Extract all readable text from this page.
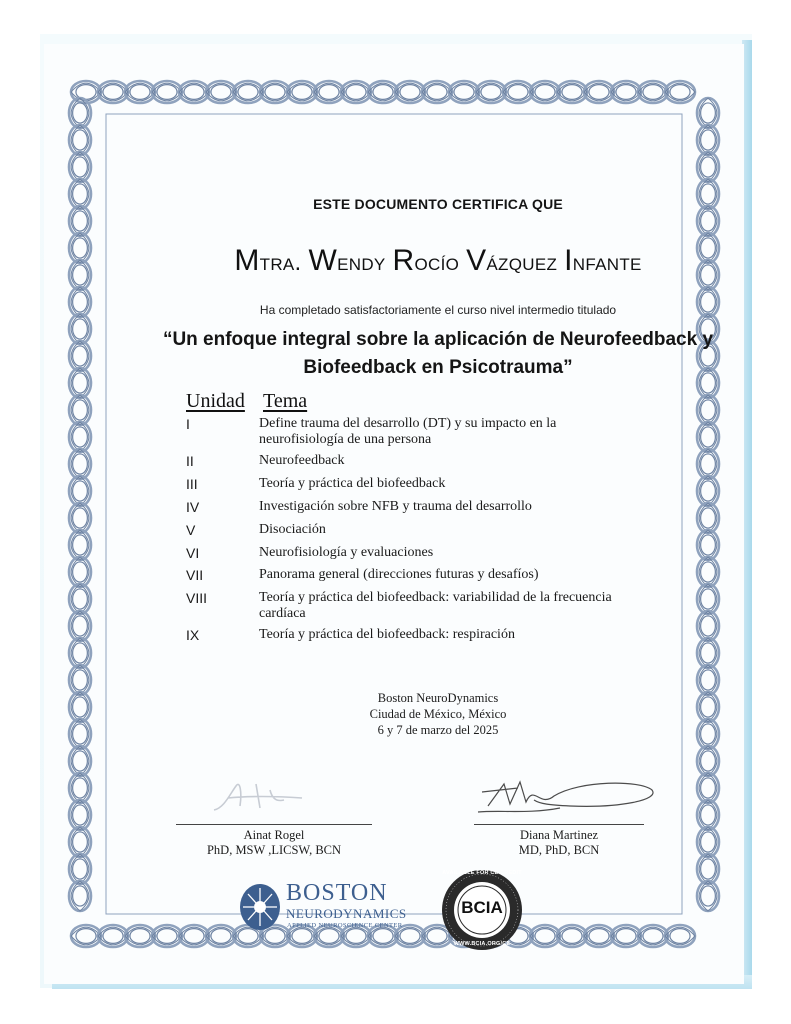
ESTE DOCUMENTO CERTIFICA QUE
Mtra. Wendy Rocío Vázquez Infante
Ha completado satisfactoriamente el curso nivel intermedio titulado
“Un enfoque integral sobre la aplicación de Neurofeedback y
Biofeedback en Psicotrauma”
Unidad Tema
I	Define trauma del desarrollo (DT) y su impacto en la
neurofisiología de una persona
II	Neurofeedback
III	Teoría y práctica del biofeedback
IV	Investigación sobre NFB y trauma del desarrollo
V	Disociación
VI	Neurofisiología y evaluaciones
VII	Panorama general (direcciones futuras y desafíos)
VIII	Teoría y práctica del biofeedback: variabilidad de la frecuencia
cardíaca
IX	Teoría y práctica del biofeedback: respiración
Boston NeuroDynamics
Ciudad de México, México
6 y 7 de marzo del 2025
Ainat Rogel
PhD, MSW ,LICSW, BCN
Diana Martinez
MD, PhD, BCN
BOSTON
NEURODYNAMICS
APPLIED NEUROSCIENCE CENTER
BCIA
AVAILABLE FOR CE CREDIT
WWW.BCIA.ORG/CE
